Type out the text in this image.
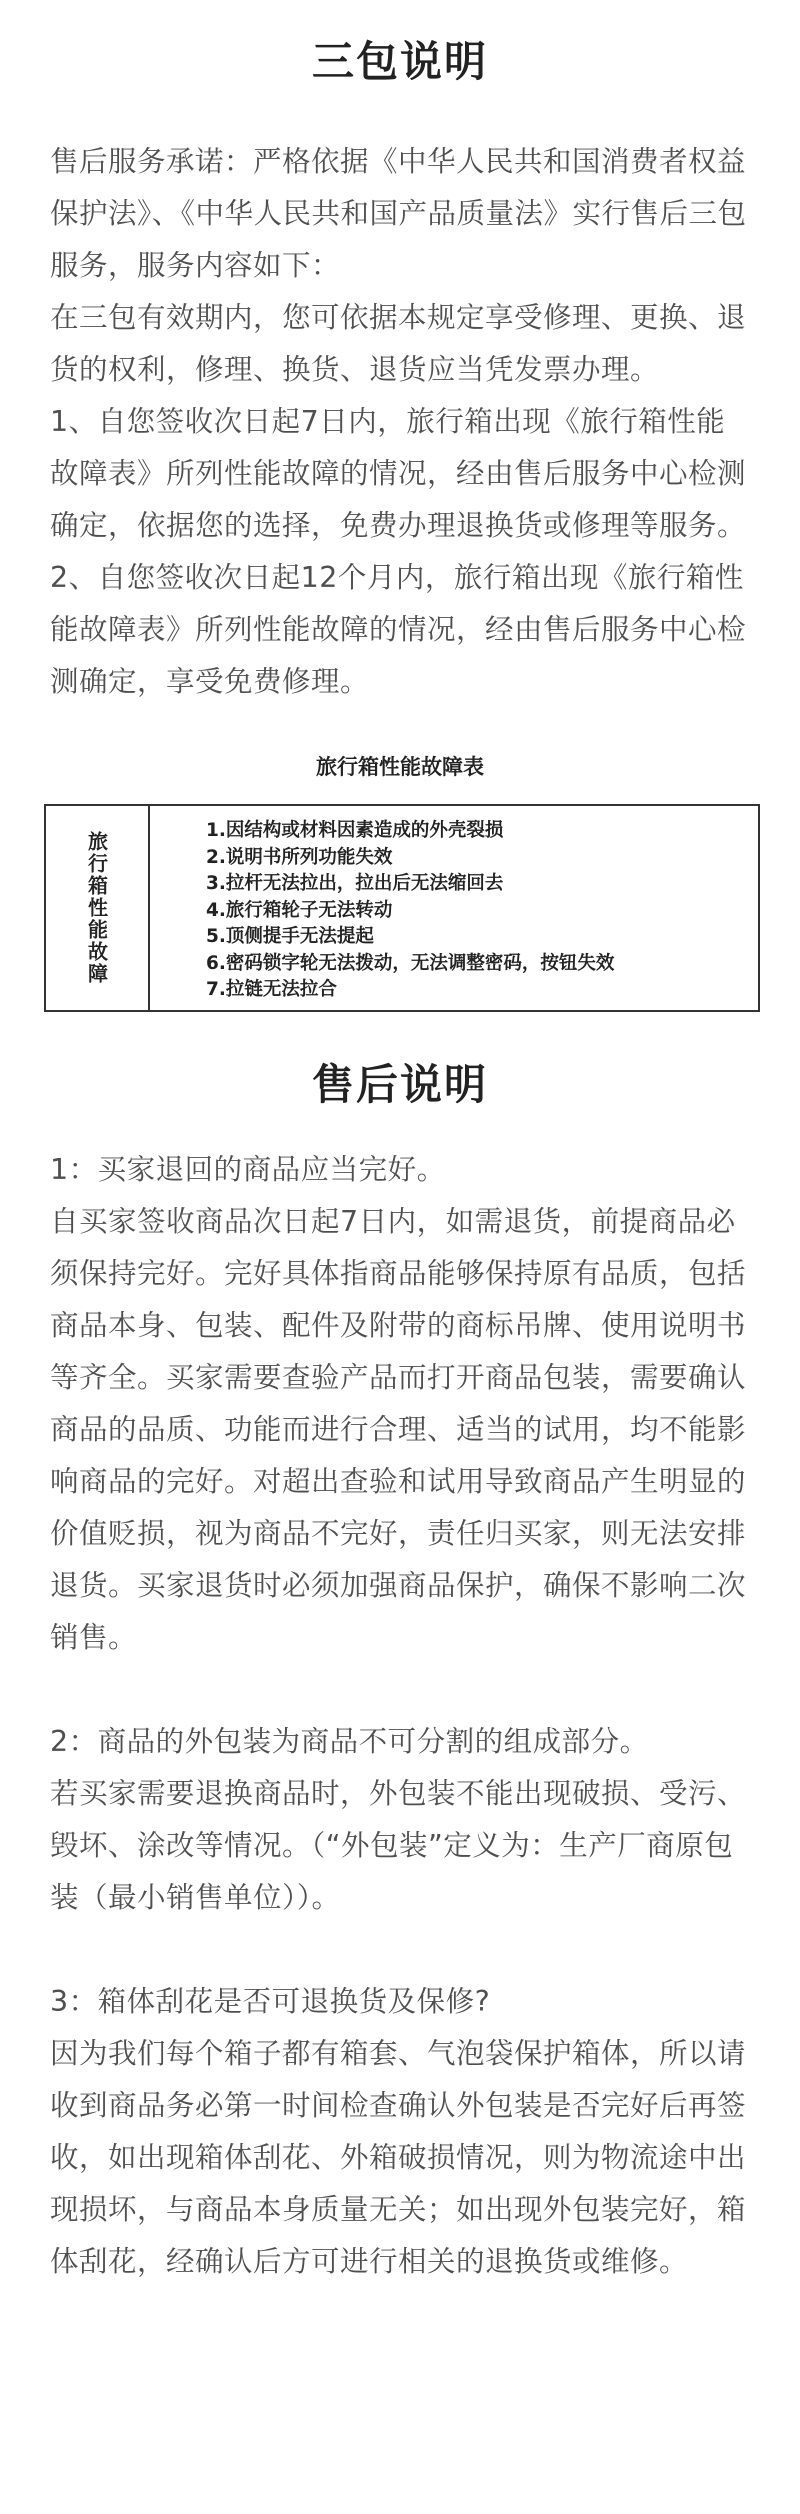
三包说明

售后服务承诺：严格依据《中华人民共和国消费者权益保护法》、《中华人民共和国产品质量法》实行售后三包服务，服务内容如下：

在三包有效期内，您可依据本规定享受修理、更换、退货的权利，修理、换货、退货应当凭发票办理。

1、自您签收次日起7日内，旅行箱出现《旅行箱性能故障表》所列性能故障的情况，经由售后服务中心检测确定，依据您的选择，免费办理退换货或修理等服务。

2、自您签收次日起12个月内，旅行箱出现《旅行箱性能故障表》所列性能故障的情况，经由售后服务中心检测确定，享受免费修理。

旅行箱性能故障表
旅行箱性能故障
1.因结构或材料因素造成的外壳裂损
2.说明书所列功能失效
3.拉杆无法拉出，拉出后无法缩回去
4.旅行箱轮子无法转动
5.顶侧提手无法提起
6.密码锁字轮无法拨动，无法调整密码，按钮失效
7.拉链无法拉合
售后说明

1：买家退回的商品应当完好。

自买家签收商品次日起7日内，如需退货，前提商品必须保持完好。完好具体指商品能够保持原有品质，包括商品本身、包装、配件及附带的商标吊牌、使用说明书等齐全。买家需要查验产品而打开商品包装，需要确认商品的品质、功能而进行合理、适当的试用，均不能影响商品的完好。对超出查验和试用导致商品产生明显的价值贬损，视为商品不完好，责任归买家，则无法安排退货。买家退货时必须加强商品保护，确保不影响二次销售。

2：商品的外包装为商品不可分割的组成部分。

若买家需要退换商品时，外包装不能出现破损、受污、毁坏、涂改等情况。（“外包装”定义为：生产厂商原包装（最小销售单位））。

3：箱体刮花是否可退换货及保修?

因为我们每个箱子都有箱套、气泡袋保护箱体，所以请收到商品务必第一时间检查确认外包装是否完好后再签收，如出现箱体刮花、外箱破损情况，则为物流途中出现损坏，与商品本身质量无关；如出现外包装完好，箱体刮花，经确认后方可进行相关的退换货或维修。
